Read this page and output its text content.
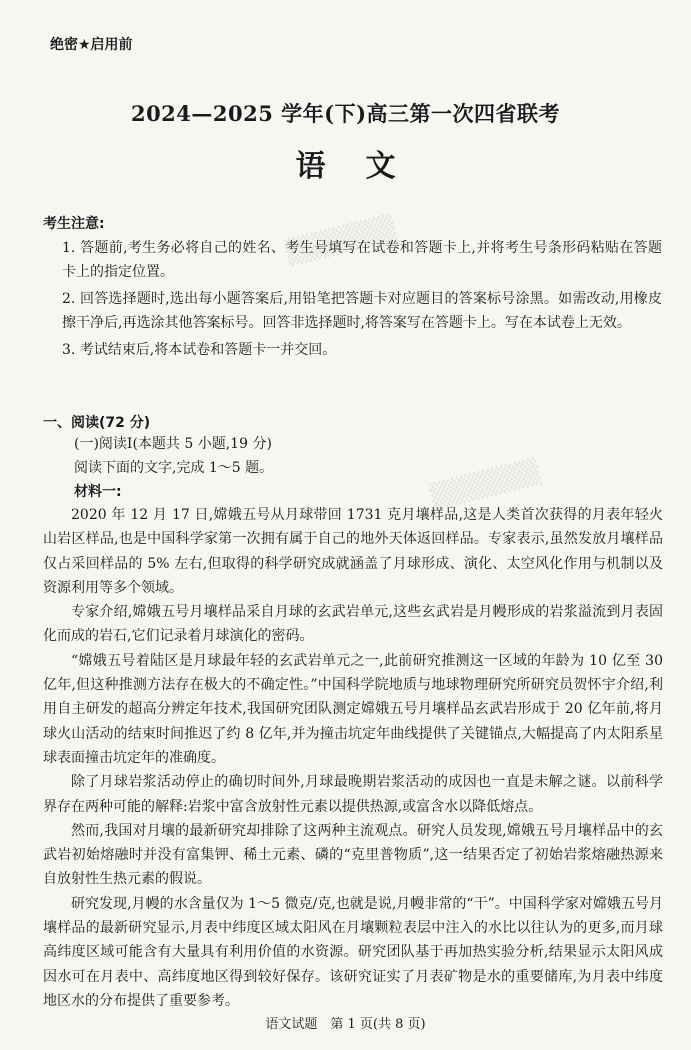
▒▒▒▒▒▒
▒▒▒▒▒▒
绝密★启用前
2024—2025 学年(下)高三第一次四省联考
语文
考生注意:

1. 答题前,考生务必将自己的姓名、考生号填写在试卷和答题卡上,并将考生号条形码粘贴在答题卡上的指定位置。

2. 回答选择题时,选出每小题答案后,用铅笔把答题卡对应题目的答案标号涂黑。如需改动,用橡皮擦干净后,再选涂其他答案标号。回答非选择题时,将答案写在答题卡上。写在本试卷上无效。

3. 考试结束后,将本试卷和答题卡一并交回。

一、阅读(72 分)
(一)阅读Ⅰ(本题共 5 小题,19 分)
阅读下面的文字,完成 1～5 题。
材料一:

2020 年 12 月 17 日,嫦娥五号从月球带回 1731 克月壤样品,这是人类首次获得的月表年轻火山岩区样品,也是中国科学家第一次拥有属于自己的地外天体返回样品。专家表示,虽然发放月壤样品仅占采回样品的 5% 左右,但取得的科学研究成就涵盖了月球形成、演化、太空风化作用与机制以及资源利用等多个领域。

专家介绍,嫦娥五号月壤样品采自月球的玄武岩单元,这些玄武岩是月幔形成的岩浆溢流到月表固化而成的岩石,它们记录着月球演化的密码。

“嫦娥五号着陆区是月球最年轻的玄武岩单元之一,此前研究推测这一区域的年龄为 10 亿至 30 亿年,但这种推测方法存在极大的不确定性。”中国科学院地质与地球物理研究所研究员贺怀宇介绍,利用自主研发的超高分辨定年技术,我国研究团队测定嫦娥五号月壤样品玄武岩形成于 20 亿年前,将月球火山活动的结束时间推迟了约 8 亿年,并为撞击坑定年曲线提供了关键锚点,大幅提高了内太阳系星球表面撞击坑定年的准确度。

除了月球岩浆活动停止的确切时间外,月球最晚期岩浆活动的成因也一直是未解之谜。以前科学界存在两种可能的解释:岩浆中富含放射性元素以提供热源,或富含水以降低熔点。

然而,我国对月壤的最新研究却排除了这两种主流观点。研究人员发现,嫦娥五号月壤样品中的玄武岩初始熔融时并没有富集钾、稀土元素、磷的“克里普物质”,这一结果否定了初始岩浆熔融热源来自放射性生热元素的假说。

研究发现,月幔的水含量仅为 1～5 微克/克,也就是说,月幔非常的“干”。中国科学家对嫦娥五号月壤样品的最新研究显示,月表中纬度区域太阳风在月壤颗粒表层中注入的水比以往认为的更多,而月球高纬度区域可能含有大量具有利用价值的水资源。研究团队基于再加热实验分析,结果显示太阳风成因水可在月表中、高纬度地区得到较好保存。该研究证实了月表矿物是水的重要储库,为月表中纬度地区水的分布提供了重要参考。

语文试题　第 1 页(共 8 页)
